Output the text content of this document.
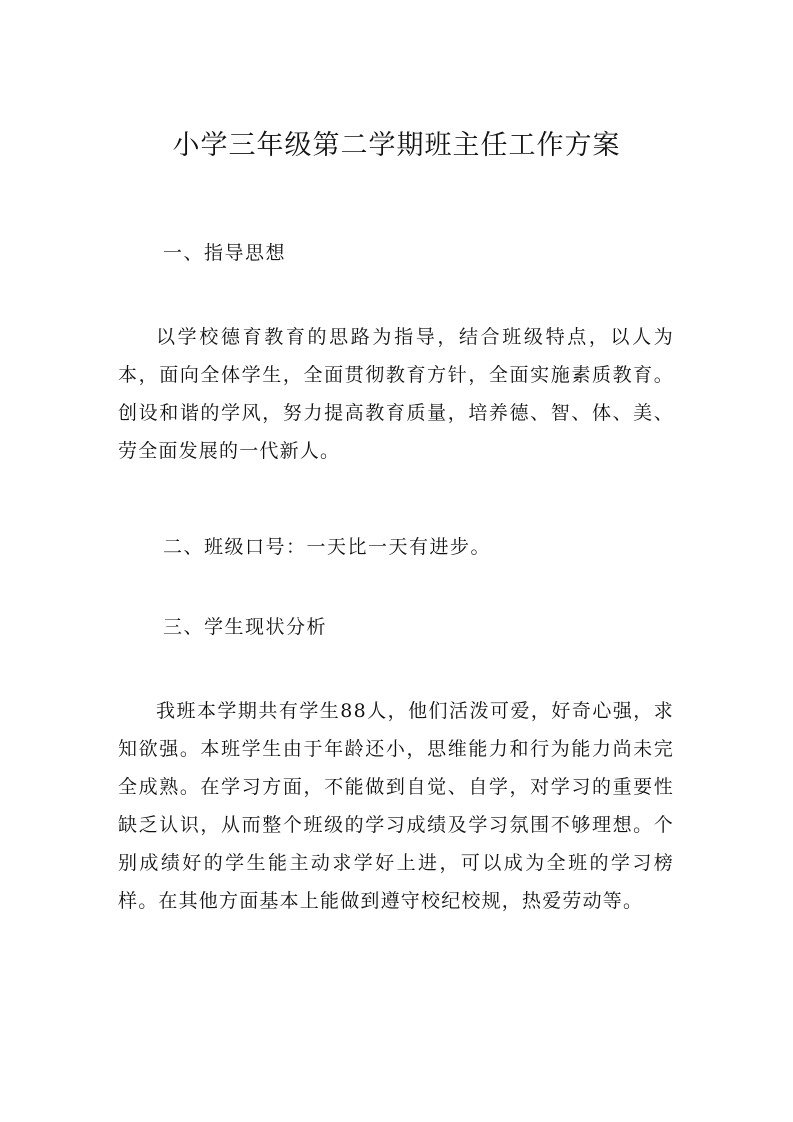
小学三年级第二学期班主任工作方案

一、指导思想

以学校德育教育的思路为指导，结合班级特点，以人为本，面向全体学生，全面贯彻教育方针，全面实施素质教育。创设和谐的学风，努力提高教育质量，培养德、智、体、美、劳全面发展的一代新人。

二、班级口号：一天比一天有进步。

三、学生现状分析

我班本学期共有学生88人，他们活泼可爱，好奇心强，求知欲强。本班学生由于年龄还小，思维能力和行为能力尚未完全成熟。在学习方面，不能做到自觉、自学，对学习的重要性缺乏认识，从而整个班级的学习成绩及学习氛围不够理想。个别成绩好的学生能主动求学好上进，可以成为全班的学习榜样。在其他方面基本上能做到遵守校纪校规，热爱劳动等。
